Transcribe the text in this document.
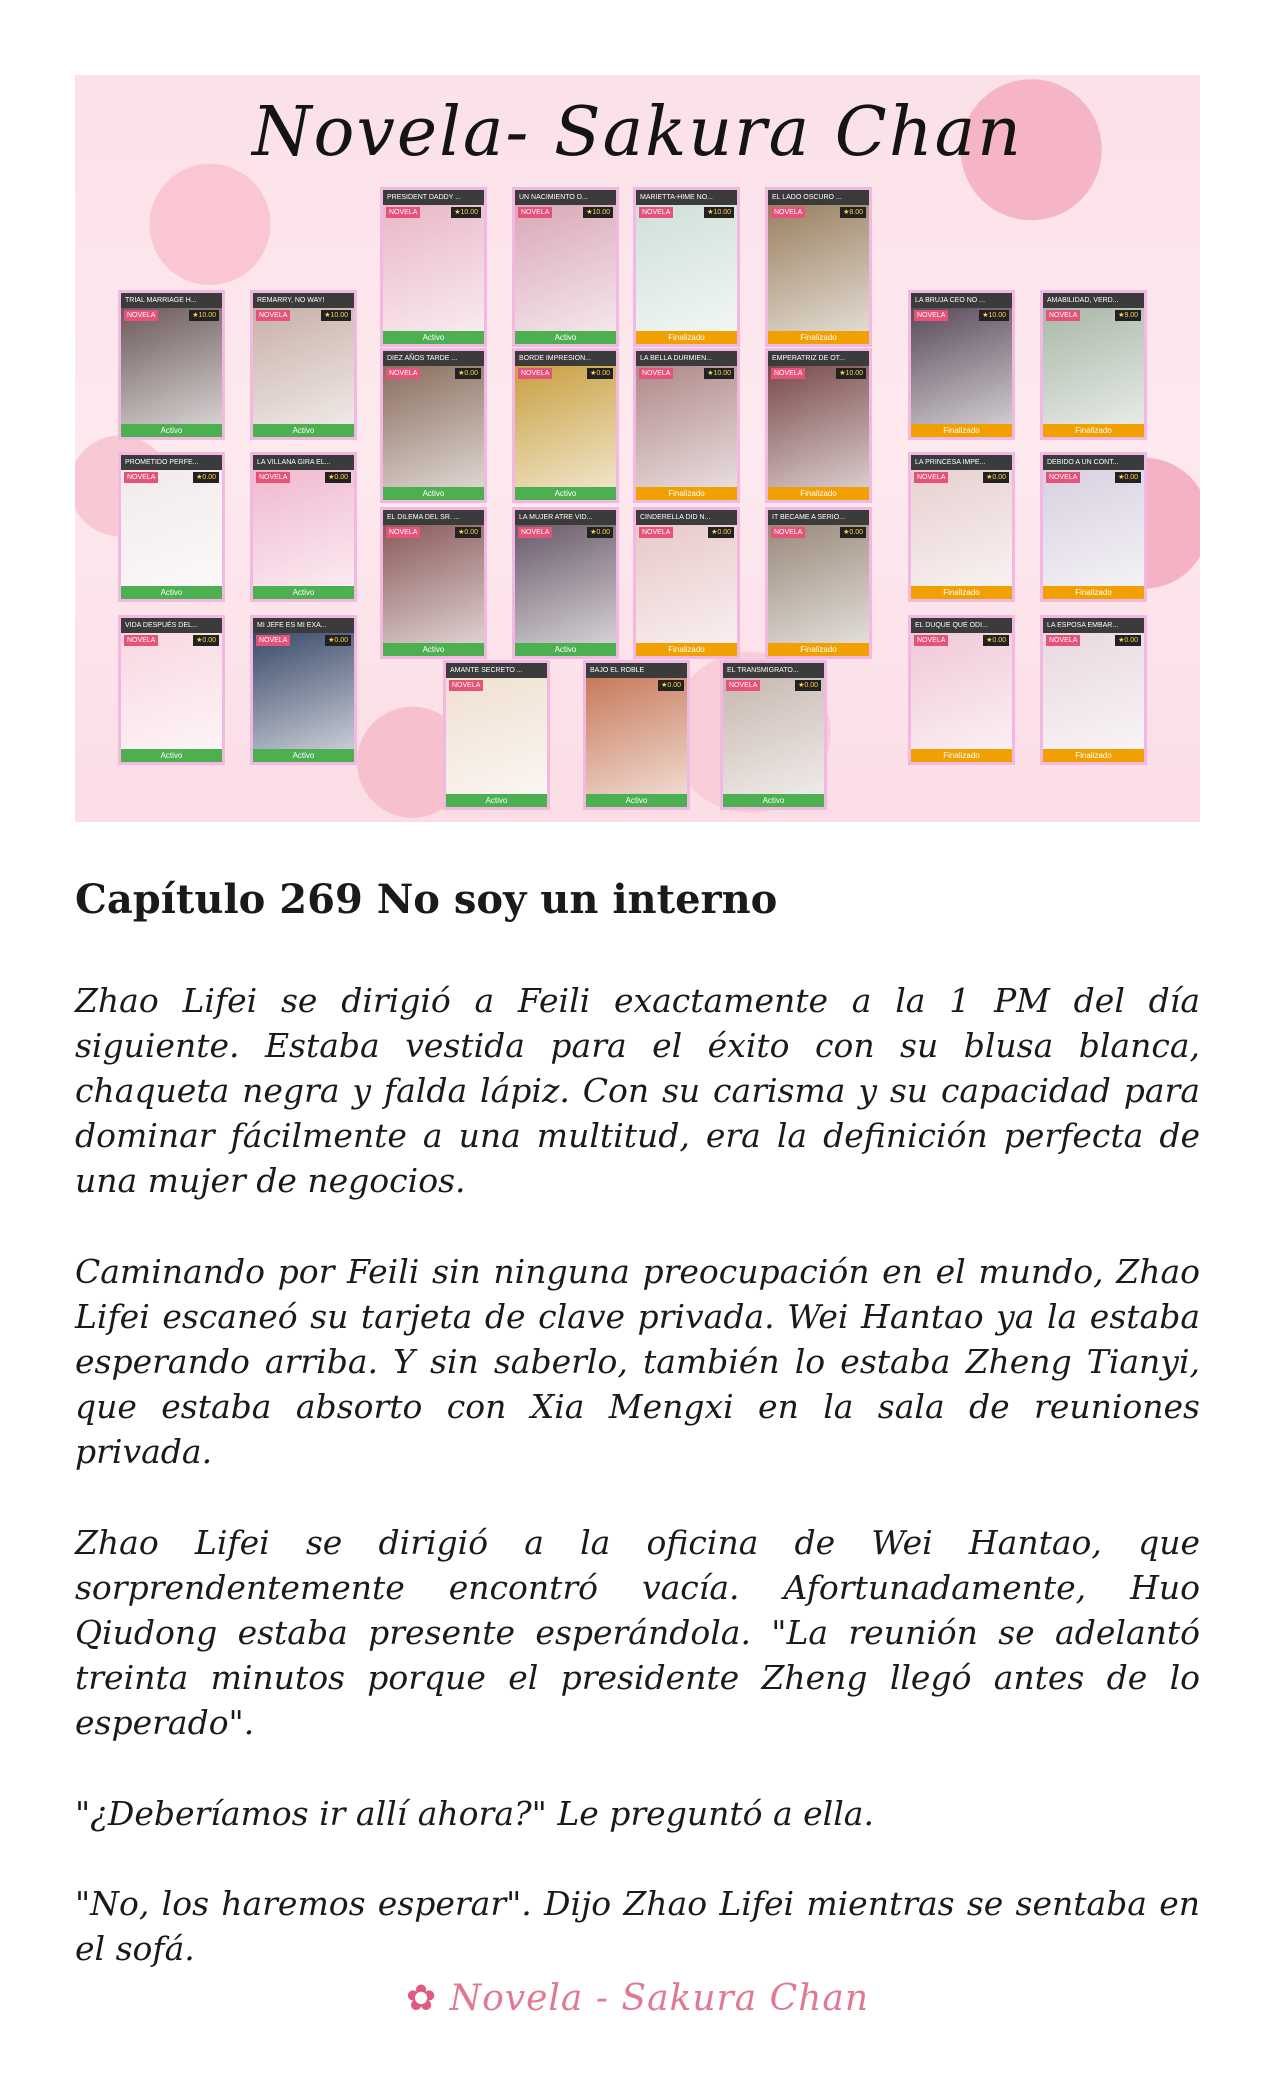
Novela- Sakura Chan
PRESIDENT DADDY ...
NOVELA	★10.00
Activo
UN NACIMIENTO D...
NOVELA	★10.00
Activo
MARIETTA-HIME NO...
NOVELA	★10.00
Finalizado
EL LADO OSCURO ...
NOVELA	★8.00
Finalizado
TRIAL MARRIAGE H...
NOVELA	★10.00
Activo
REMARRY, NO WAY!
NOVELA	★10.00
Activo
DIEZ AÑOS TARDE ...
NOVELA	★0.00
Activo
BORDE IMPRESION...
NOVELA	★0.00
Activo
LA BELLA DURMIEN...
NOVELA	★10.00
Finalizado
EMPERATRIZ DE OT...
NOVELA	★10.00
Finalizado
LA BRUJA CEO NO ...
NOVELA	★10.00
Finalizado
AMABILIDAD, VERD...
NOVELA	★9.00
Finalizado
PROMETIDO PERFE...
NOVELA	★0.00
Activo
LA VILLANA GIRA EL...
NOVELA	★0.00
Activo
EL DILEMA DEL SR. ...
NOVELA	★0.00
Activo
LA MUJER ATRE VID...
NOVELA	★0.00
Activo
CINDERELLA DID N...
NOVELA	★0.00
Finalizado
IT BECAME A SERIO...
NOVELA	★0.00
Finalizado
LA PRINCESA IMPE...
NOVELA	★0.00
Finalizado
DEBIDO A UN CONT...
NOVELA	★0.00
Finalizado
VIDA DESPUÉS DEL...
NOVELA	★0.00
Activo
MI JEFE ES MI EXA...
NOVELA	★0.00
Activo
AMANTE SECRETO ...
NOVELA
Activo
BAJO EL ROBLE
★0.00
Activo
EL TRANSMIGRATO...
NOVELA	★0.00
Activo
EL DUQUE QUE ODI...
NOVELA	★0.00
Finalizado
LA ESPOSA EMBAR...
NOVELA	★0.00
Finalizado
Capítulo 269 No soy un interno

Zhao Lifei se dirigió a Feili exactamente a la 1 PM del día siguiente. Estaba vestida para el éxito con su blusa blanca, chaqueta negra y falda lápiz. Con su carisma y su capacidad para dominar fácilmente a una multitud, era la definición perfecta de una mujer de negocios.

Caminando por Feili sin ninguna preocupación en el mundo, Zhao Lifei escaneó su tarjeta de clave privada. Wei Hantao ya la estaba esperando arriba. Y sin saberlo, también lo estaba Zheng Tianyi, que estaba absorto con Xia Mengxi en la sala de reuniones privada.

Zhao Lifei se dirigió a la oficina de Wei Hantao, que sorprendentemente encontró vacía. Afortunadamente, Huo Qiudong estaba presente esperándola. "La reunión se adelantó treinta minutos porque el presidente Zheng llegó antes de lo esperado".

"¿Deberíamos ir allí ahora?" Le preguntó a ella.

"No, los haremos esperar". Dijo Zhao Lifei mientras se sentaba en el sofá.

✿ Novela - Sakura Chan
